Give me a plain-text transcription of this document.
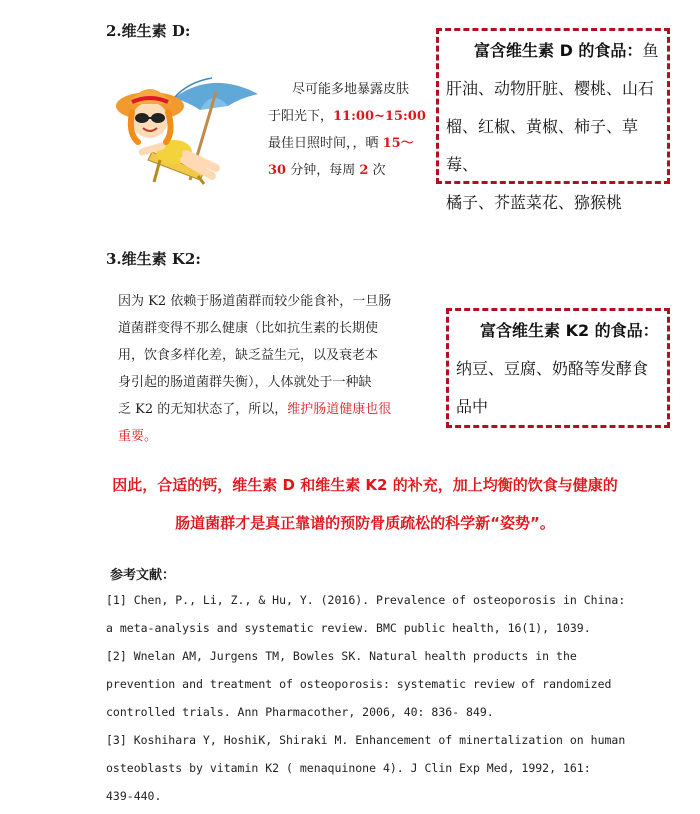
2.维生素 D:
尽可能多地暴露皮肤
于阳光下，11:00~15:00
最佳日照时间，，晒 15～
30 分钟，每周 2 次
富含维生素 D 的食品：鱼
肝油、动物肝脏、樱桃、山石
榴、红椒、黄椒、柿子、草莓、
橘子、芥蓝菜花、猕猴桃
3.维生素 K2:
因为 K2 依赖于肠道菌群而较少能食补，一旦肠
道菌群变得不那么健康（比如抗生素的长期使
用，饮食多样化差，缺乏益生元，以及衰老本
身引起的肠道菌群失衡），人体就处于一种缺
乏 K2 的无知状态了，所以，维护肠道健康也很
重要。
富含维生素 K2 的食品：
纳豆、豆腐、奶酪等发酵食
品中
因此，合适的钙，维生素 D 和维生素 K2 的补充，加上均衡的饮食与健康的
肠道菌群才是真正靠谱的预防骨质疏松的科学新“姿势”。
参考文献：
[1] Chen, P., Li, Z., & Hu, Y. (2016). Prevalence of osteoporosis in China:
a meta-analysis and systematic review. BMC public health, 16(1), 1039.
[2] Wnelan AM, Jurgens TM, Bowles SK. Natural health products in the
prevention and treatment of osteoporosis: systematic review of randomized
controlled trials. Ann Pharmacother, 2006, 40: 836- 849.
[3] Koshihara Y, HoshiK, Shiraki M. Enhancement of minertalization on human
osteoblasts by vitamin K2 ( menaquinone 4). J Clin Exp Med, 1992, 161:
439-440.
